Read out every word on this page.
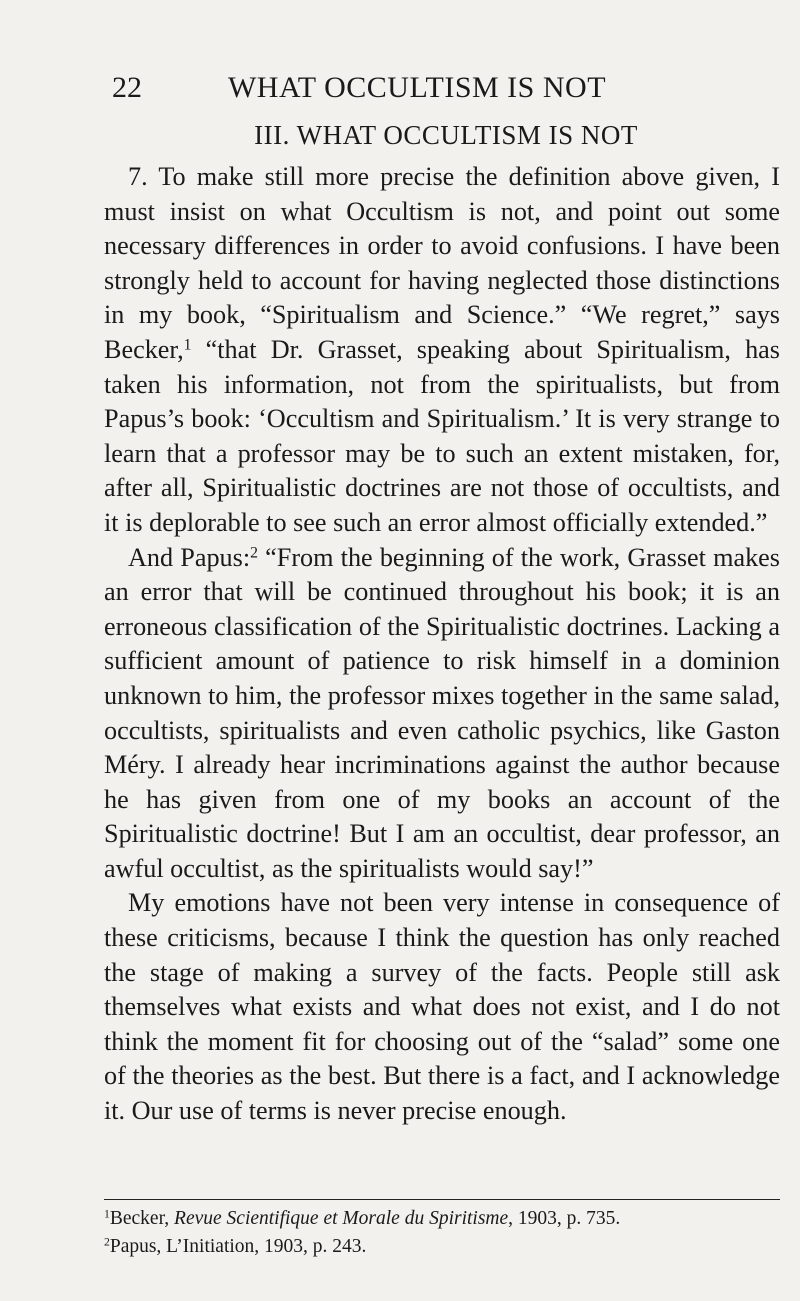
22	WHAT OCCULTISM IS NOT
III. WHAT OCCULTISM IS NOT

7. To make still more precise the definition above given, I must insist on what Occultism is not, and point out some necessary differences in order to avoid confusions. I have been strongly held to account for having neglected those distinctions in my book, “Spiritualism and Science.” “We regret,” says Becker,$^1$ “that Dr. Grasset, speaking about Spiritualism, has taken his information, not from the spiritualists, but from Papus’s book: ‘Occultism and Spiritualism.’ It is very strange to learn that a professor may be to such an extent mistaken, for, after all, Spiritualistic doctrines are not those of occultists, and it is deplorable to see such an error almost officially extended.”

And Papus:$^2$ “From the beginning of the work, Grasset makes an error that will be continued throughout his book; it is an erroneous classification of the Spiritualistic doctrines. Lacking a sufficient amount of patience to risk himself in a dominion unknown to him, the professor mixes together in the same salad, occultists, spiritualists and even catholic psychics, like Gaston Méry. I already hear incriminations against the author because he has given from one of my books an account of the Spiritualistic doctrine! But I am an occultist, dear professor, an awful occultist, as the spiritualists would say!”

My emotions have not been very intense in consequence of these criticisms, because I think the question has only reached the stage of making a survey of the facts. People still ask themselves what exists and what does not exist, and I do not think the moment fit for choosing out of the “salad” some one of the theories as the best. But there is a fact, and I acknowledge it. Our use of terms is never precise enough.

$^1$Becker, Revue Scientifique et Morale du Spiritisme, 1903, p. 735.
$^2$Papus, L’Initiation, 1903, p. 243.
